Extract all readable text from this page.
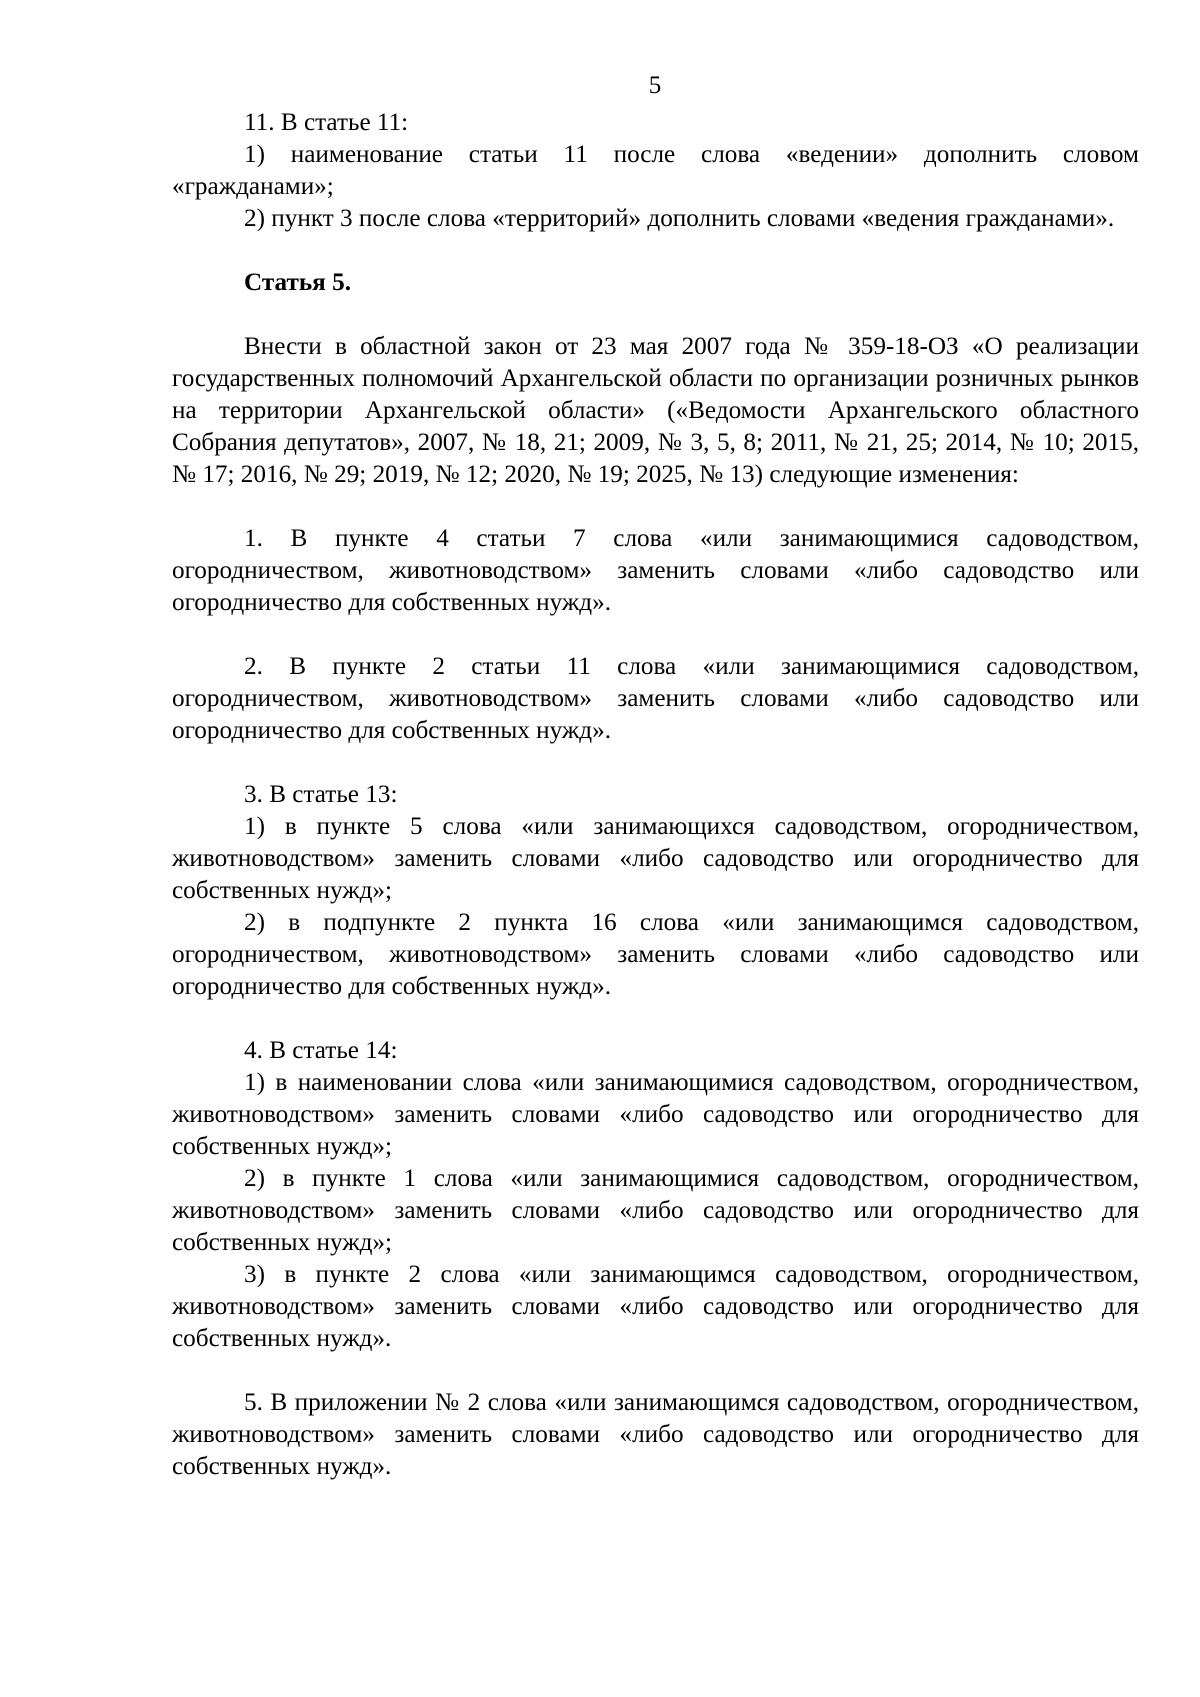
5

11. В статье 11:

1) наименование статьи 11 после слова «ведении» дополнить словом «гражданами»;

2) пункт 3 после слова «территорий» дополнить словами «ведения гражданами».

Статья 5.

Внести в областной закон от 23 мая 2007 года № 359-18-ОЗ «О реализации государственных полномочий Архангельской области по организации розничных рынков на территории Архангельской области» («Ведомости Архангельского областного Собрания депутатов», 2007, № 18, 21; 2009, № 3, 5, 8; 2011, № 21, 25; 2014, № 10; 2015, № 17; 2016, № 29; 2019, № 12; 2020, № 19; 2025, № 13) следующие изменения:

1. В пункте 4 статьи 7 слова «или занимающимися садоводством, огородничеством, животноводством» заменить словами «либо садоводство или огородничество для собственных нужд».

2. В пункте 2 статьи 11 слова «или занимающимися садоводством, огородничеством, животноводством» заменить словами «либо садоводство или огородничество для собственных нужд».

3. В статье 13:

1) в пункте 5 слова «или занимающихся садоводством, огородничеством, животноводством» заменить словами «либо садоводство или огородничество для собственных нужд»;

2) в подпункте 2 пункта 16 слова «или занимающимся садоводством, огородничеством, животноводством» заменить словами «либо садоводство или огородничество для собственных нужд».

4. В статье 14:

1) в наименовании слова «или занимающимися садоводством, огородничеством, животноводством» заменить словами «либо садоводство или огородничество для собственных нужд»;

2) в пункте 1 слова «или занимающимися садоводством, огородничеством, животноводством» заменить словами «либо садоводство или огородничество для собственных нужд»;

3) в пункте 2 слова «или занимающимся садоводством, огородничеством, животноводством» заменить словами «либо садоводство или огородничество для собственных нужд».

5. В приложении № 2 слова «или занимающимся садоводством, огородничеством, животноводством» заменить словами «либо садоводство или огородничество для собственных нужд».
